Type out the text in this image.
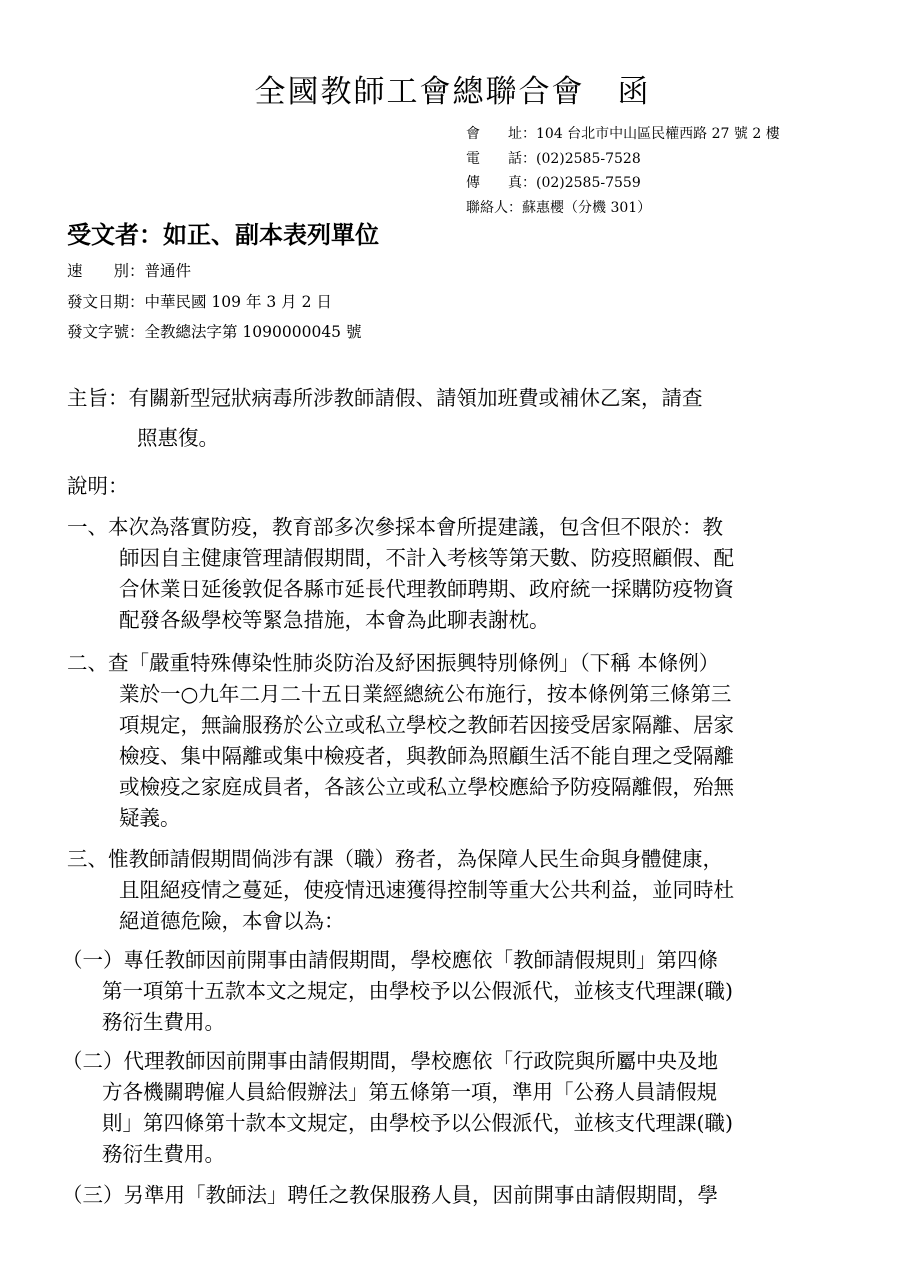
全國教師工會總聯合會　函
會　　址：104 台北市中山區民權西路 27 號 2 樓
電　　話：(02)2585-7528
傳　　真：(02)2585-7559
聯絡人：蘇惠櫻（分機 301）
受文者：如正、副本表列單位
速　　別：普通件
發文日期：中華民國 109 年 3 月 2 日
發文字號：全教總法字第 1090000045 號
主旨：有關新型冠狀病毒所涉教師請假、請領加班費或補休乙案，請查
照惠復。
說明：
一、本次為落實防疫，教育部多次參採本會所提建議，包含但不限於：教
師因自主健康管理請假期間，不計入考核等第天數、防疫照顧假、配
合休業日延後敦促各縣市延長代理教師聘期、政府統一採購防疫物資
配發各級學校等緊急措施，本會為此聊表謝枕。
二、查「嚴重特殊傳染性肺炎防治及紓困振興特別條例」（下稱 本條例）
業於一○九年二月二十五日業經總統公布施行，按本條例第三條第三
項規定，無論服務於公立或私立學校之教師若因接受居家隔離、居家
檢疫、集中隔離或集中檢疫者，與教師為照顧生活不能自理之受隔離
或檢疫之家庭成員者，各該公立或私立學校應給予防疫隔離假，殆無
疑義。
三、惟教師請假期間倘涉有課（職）務者，為保障人民生命與身體健康，
且阻絕疫情之蔓延，使疫情迅速獲得控制等重大公共利益，並同時杜
絕道德危險，本會以為：
（一）專任教師因前開事由請假期間，學校應依「教師請假規則」第四條
第一項第十五款本文之規定，由學校予以公假派代，並核支代理課(職)
務衍生費用。
（二）代理教師因前開事由請假期間，學校應依「行政院與所屬中央及地
方各機關聘僱人員給假辦法」第五條第一項，準用「公務人員請假規
則」第四條第十款本文規定，由學校予以公假派代，並核支代理課(職)
務衍生費用。
（三）另準用「教師法」聘任之教保服務人員，因前開事由請假期間，學
